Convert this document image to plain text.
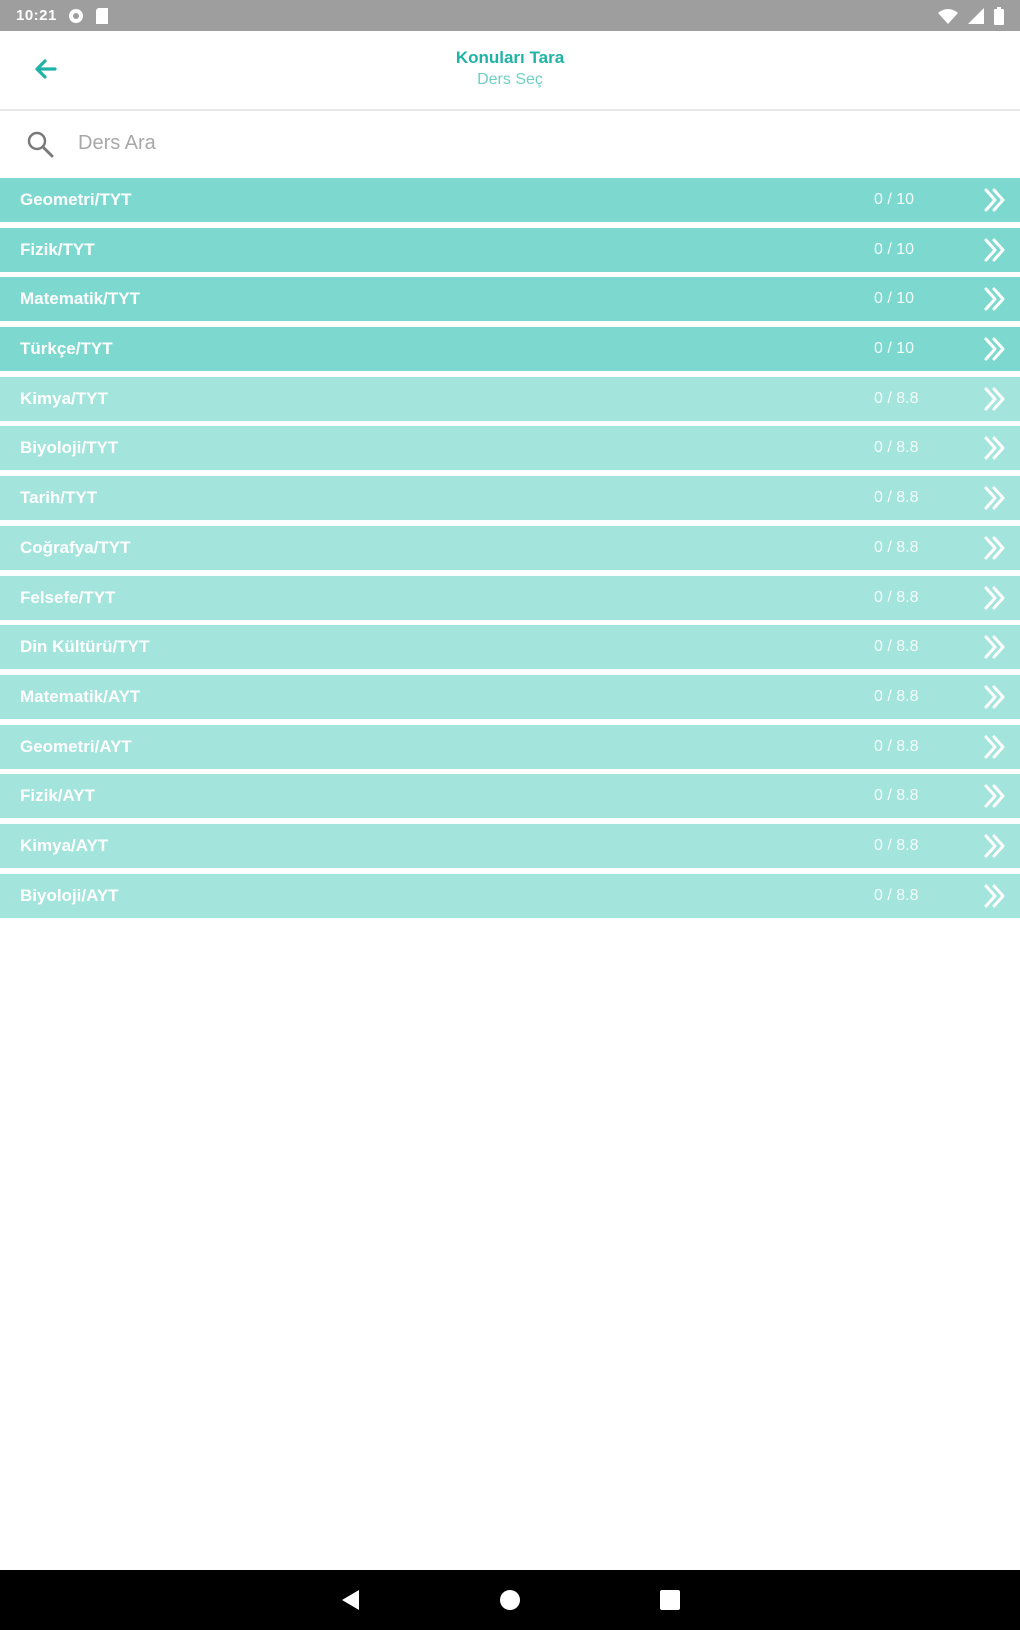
10:21
Konuları Tara
Ders Seç
Ders Ara
Geometri/TYT	0 / 10
Fizik/TYT	0 / 10
Matematik/TYT	0 / 10
Türkçe/TYT	0 / 10
Kimya/TYT	0 / 8.8
Biyoloji/TYT	0 / 8.8
Tarih/TYT	0 / 8.8
Coğrafya/TYT	0 / 8.8
Felsefe/TYT	0 / 8.8
Din Kültürü/TYT	0 / 8.8
Matematik/AYT	0 / 8.8
Geometri/AYT	0 / 8.8
Fizik/AYT	0 / 8.8
Kimya/AYT	0 / 8.8
Biyoloji/AYT	0 / 8.8
